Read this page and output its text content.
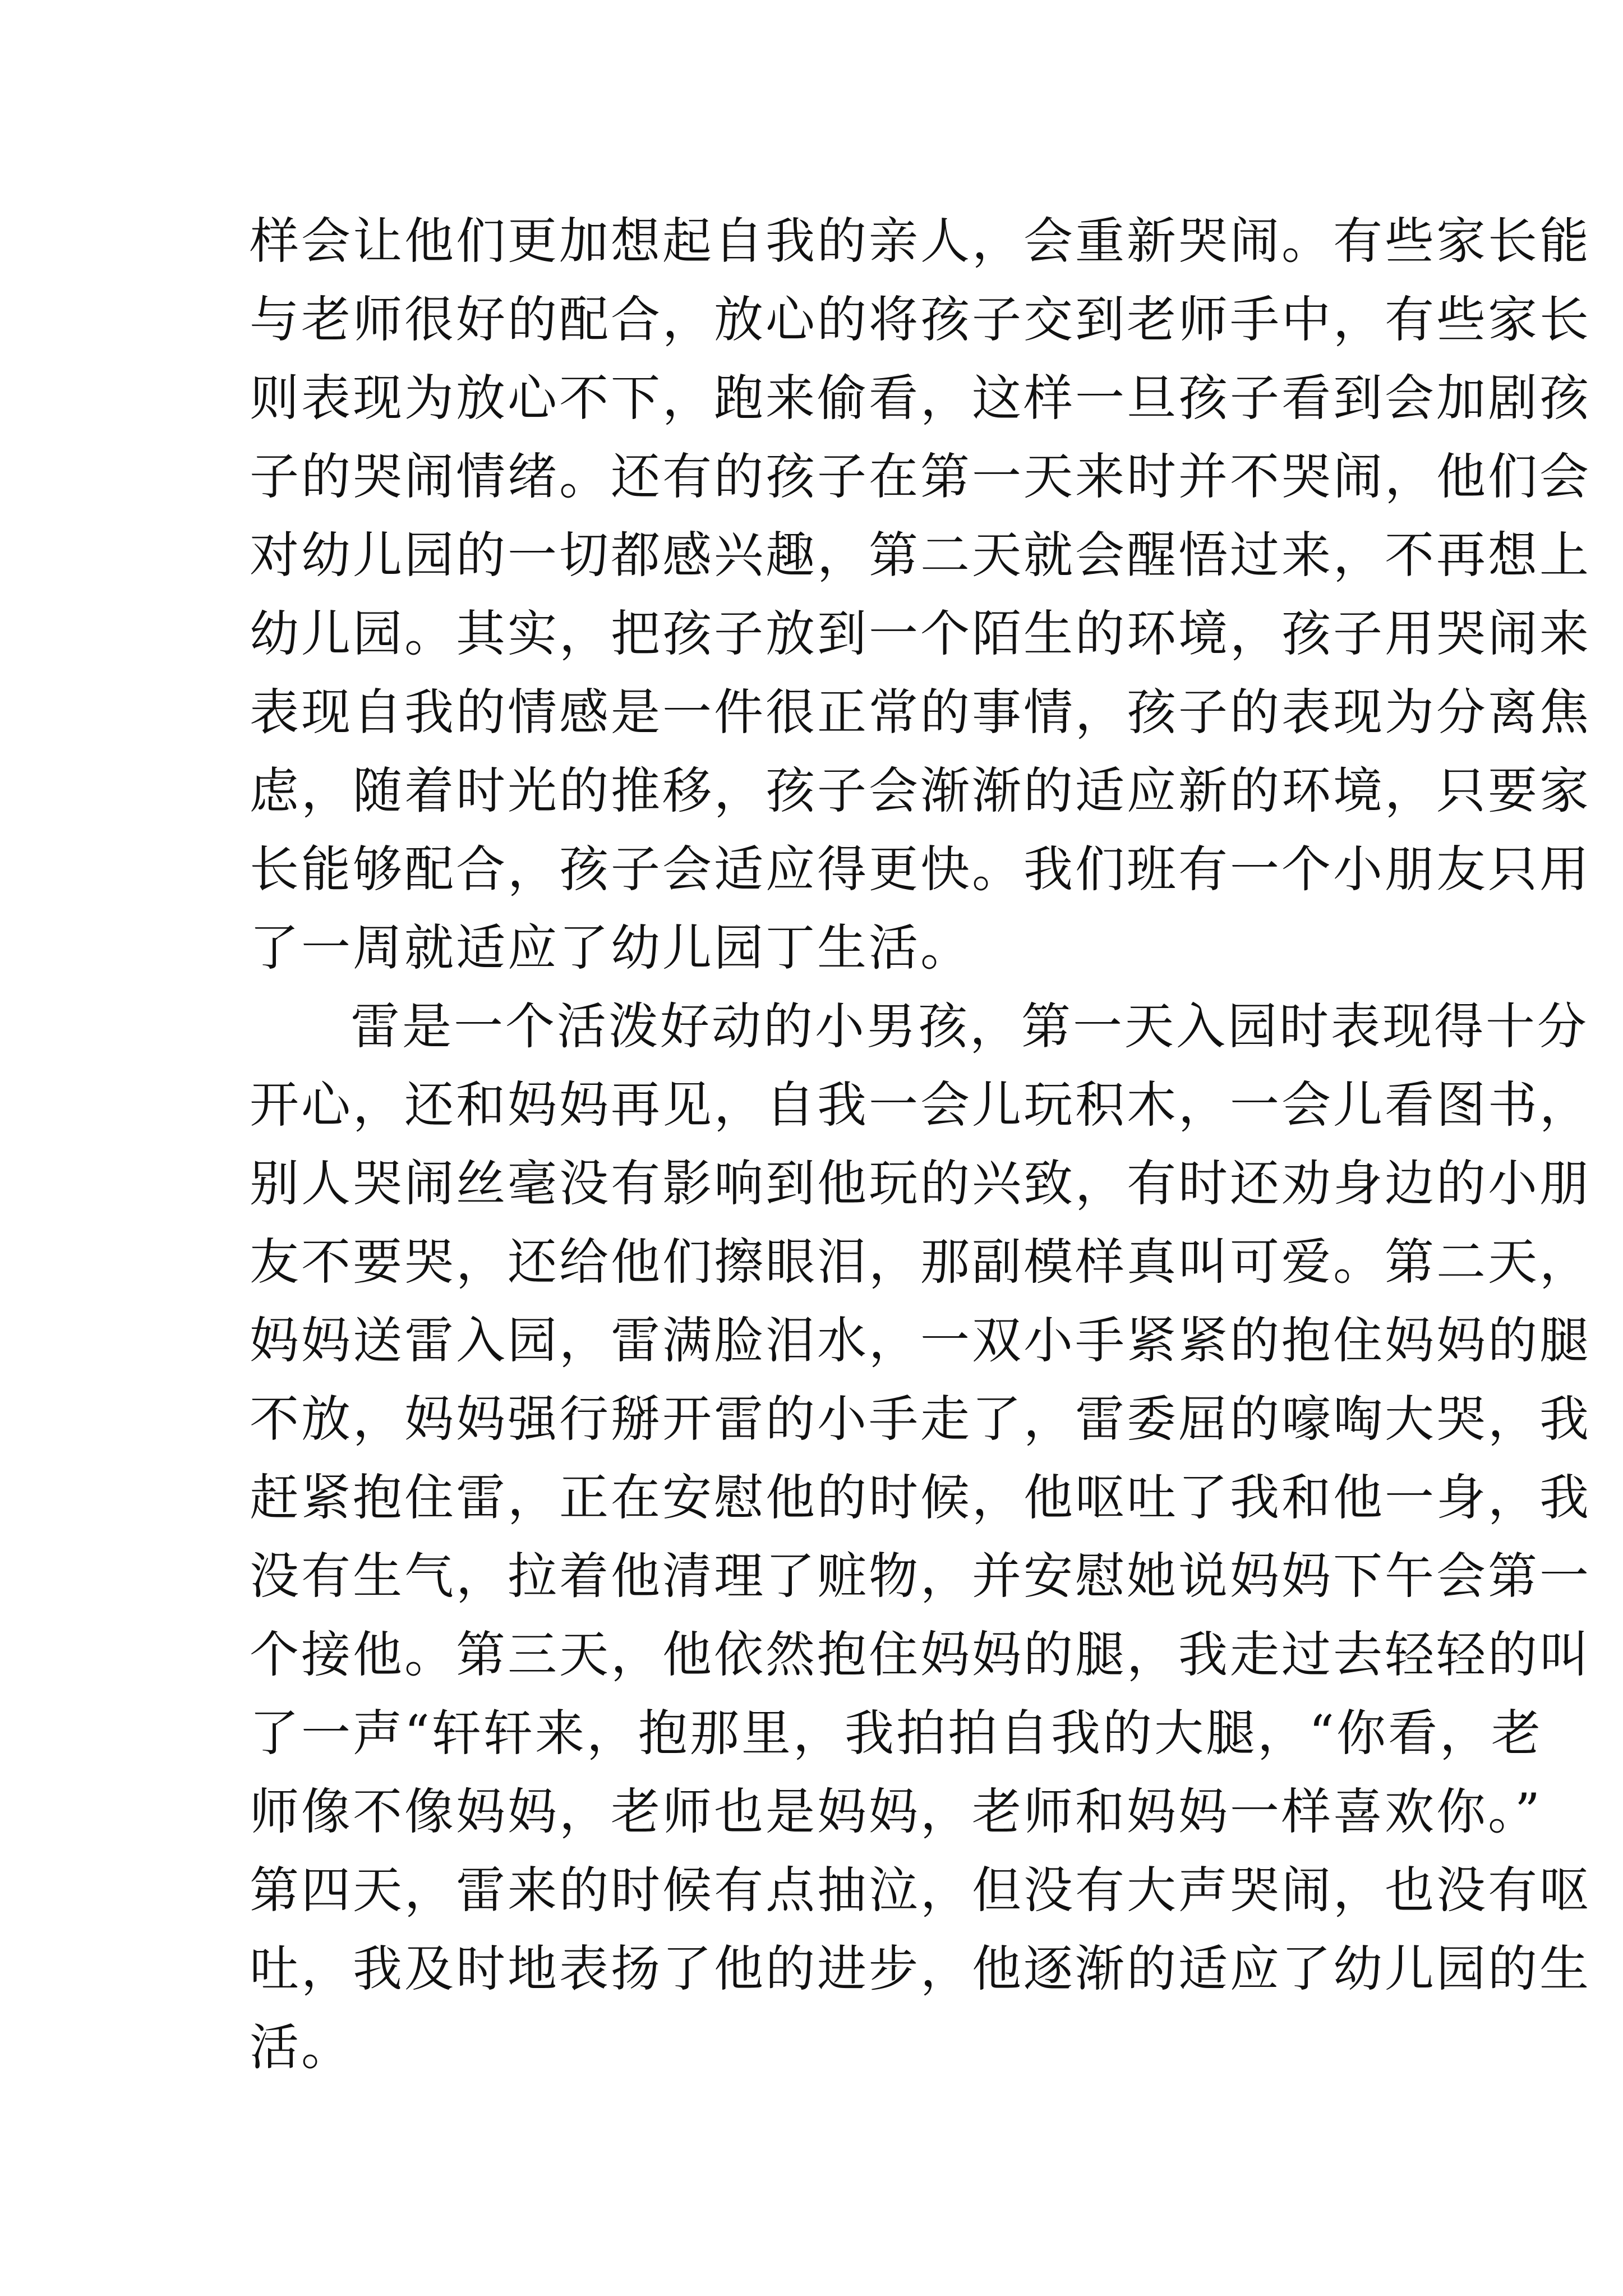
样会让他们更加想起自我的亲人，会重新哭闹。有些家长能
与老师很好的配合，放心的将孩子交到老师手中，有些家长
则表现为放心不下，跑来偷看，这样一旦孩子看到会加剧孩
子的哭闹情绪。还有的孩子在第一天来时并不哭闹，他们会
对幼儿园的一切都感兴趣，第二天就会醒悟过来，不再想上
幼儿园。其实，把孩子放到一个陌生的环境，孩子用哭闹来
表现自我的情感是一件很正常的事情，孩子的表现为分离焦
虑，随着时光的推移，孩子会渐渐的适应新的环境，只要家
长能够配合，孩子会适应得更快。我们班有一个小朋友只用
了一周就适应了幼儿园丁生活。
雷是一个活泼好动的小男孩，第一天入园时表现得十分
开心，还和妈妈再见，自我一会儿玩积木，一会儿看图书，
别人哭闹丝毫没有影响到他玩的兴致，有时还劝身边的小朋
友不要哭，还给他们擦眼泪，那副模样真叫可爱。第二天，
妈妈送雷入园，雷满脸泪水，一双小手紧紧的抱住妈妈的腿
不放，妈妈强行掰开雷的小手走了，雷委屈的嚎啕大哭，我
赶紧抱住雷，正在安慰他的时候，他呕吐了我和他一身，我
没有生气，拉着他清理了赃物，并安慰她说妈妈下午会第一
个接他。第三天，他依然抱住妈妈的腿，我走过去轻轻的叫
了一声“轩轩来，抱那里，我拍拍自我的大腿，“你看，老
师像不像妈妈，老师也是妈妈，老师和妈妈一样喜欢你。”
第四天，雷来的时候有点抽泣，但没有大声哭闹，也没有呕
吐，我及时地表扬了他的进步，他逐渐的适应了幼儿园的生
活。
